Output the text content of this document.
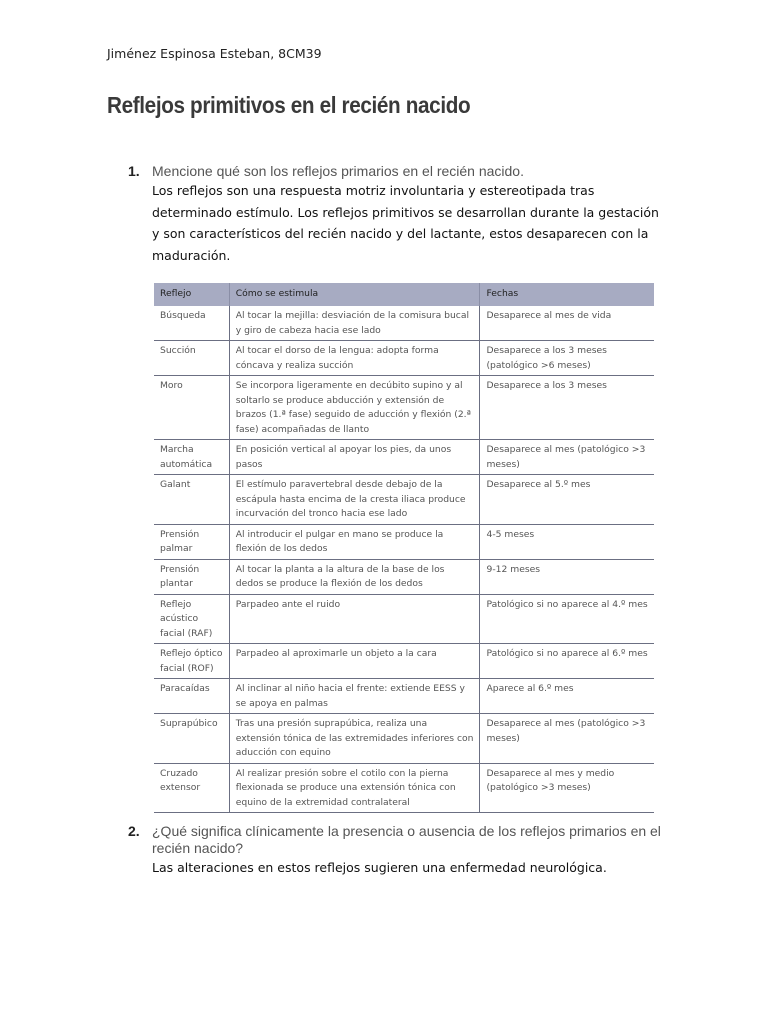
Jiménez Espinosa Esteban, 8CM39
Reflejos primitivos en el recién nacido
1. Mencione qué son los reflejos primarios en el recién nacido.
Los reflejos son una respuesta motriz involuntaria y estereotipada tras determinado estímulo. Los reflejos primitivos se desarrollan durante la gestación y son característicos del recién nacido y del lactante, estos desaparecen con la maduración.
Reflejo	Cómo se estimula	Fechas
Búsqueda	Al tocar la mejilla: desviación de la comisura bucal y giro de cabeza hacia ese lado	Desaparece al mes de vida
Succión	Al tocar el dorso de la lengua: adopta forma cóncava y realiza succión	Desaparece a los 3 meses (patológico >6 meses)
Moro	Se incorpora ligeramente en decúbito supino y al soltarlo se produce abducción y extensión de brazos (1.ª fase) seguido de aducción y flexión (2.ª fase) acompañadas de llanto	Desaparece a los 3 meses
Marcha automática	En posición vertical al apoyar los pies, da unos pasos	Desaparece al mes (patológico >3 meses)
Galant	El estímulo paravertebral desde debajo de la escápula hasta encima de la cresta iliaca produce incurvación del tronco hacia ese lado	Desaparece al 5.º mes
Prensión palmar	Al introducir el pulgar en mano se produce la flexión de los dedos	4-5 meses
Prensión plantar	Al tocar la planta a la altura de la base de los dedos se produce la flexión de los dedos	9-12 meses
Reflejo acústico facial (RAF)	Parpadeo ante el ruido	Patológico si no aparece al 4.º mes
Reflejo óptico facial (ROF)	Parpadeo al aproximarle un objeto a la cara	Patológico si no aparece al 6.º mes
Paracaídas	Al inclinar al niño hacia el frente: extiende EESS y se apoya en palmas	Aparece al 6.º mes
Suprapúbico	Tras una presión suprapúbica, realiza una extensión tónica de las extremidades inferiores con aducción con equino	Desaparece al mes (patológico >3 meses)
Cruzado extensor	Al realizar presión sobre el cotilo con la pierna flexionada se produce una extensión tónica con equino de la extremidad contralateral	Desaparece al mes y medio (patológico >3 meses)
2. ¿Qué significa clínicamente la presencia o ausencia de los reflejos primarios en el recién nacido?
Las alteraciones en estos reflejos sugieren una enfermedad neurológica.
